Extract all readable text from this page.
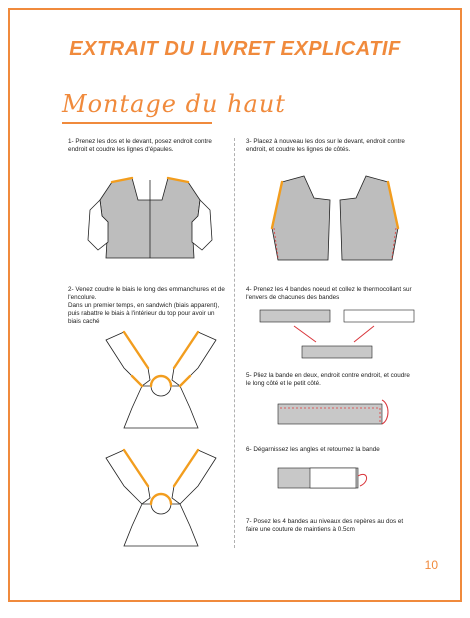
EXTRAIT DU LIVRET EXPLICATIF
Montage du haut
1- Prenez les dos et le devant, posez endroit contre endroit et coudre les lignes d'épaules.
2- Venez coudre le biais le long des emmanchures et de l'encolure.
Dans un premier temps, en sandwich (biais apparent), puis rabattre le biais à l'intérieur du top pour avoir un biais caché
3- Placez à nouveau les dos sur le devant, endroit contre endroit, et coudre les lignes de côtés.
4- Prenez les 4 bandes noeud et collez le thermocollant sur l'envers de chacunes des bandes
5- Pliez la bande en deux, endroit contre endroit, et coudre le long côté et le petit côté.
6- Dégarnissez les angles et retournez la bande
7- Posez les 4 bandes au niveaux des repères au dos et faire une couture de maintiens à 0.5cm
10
